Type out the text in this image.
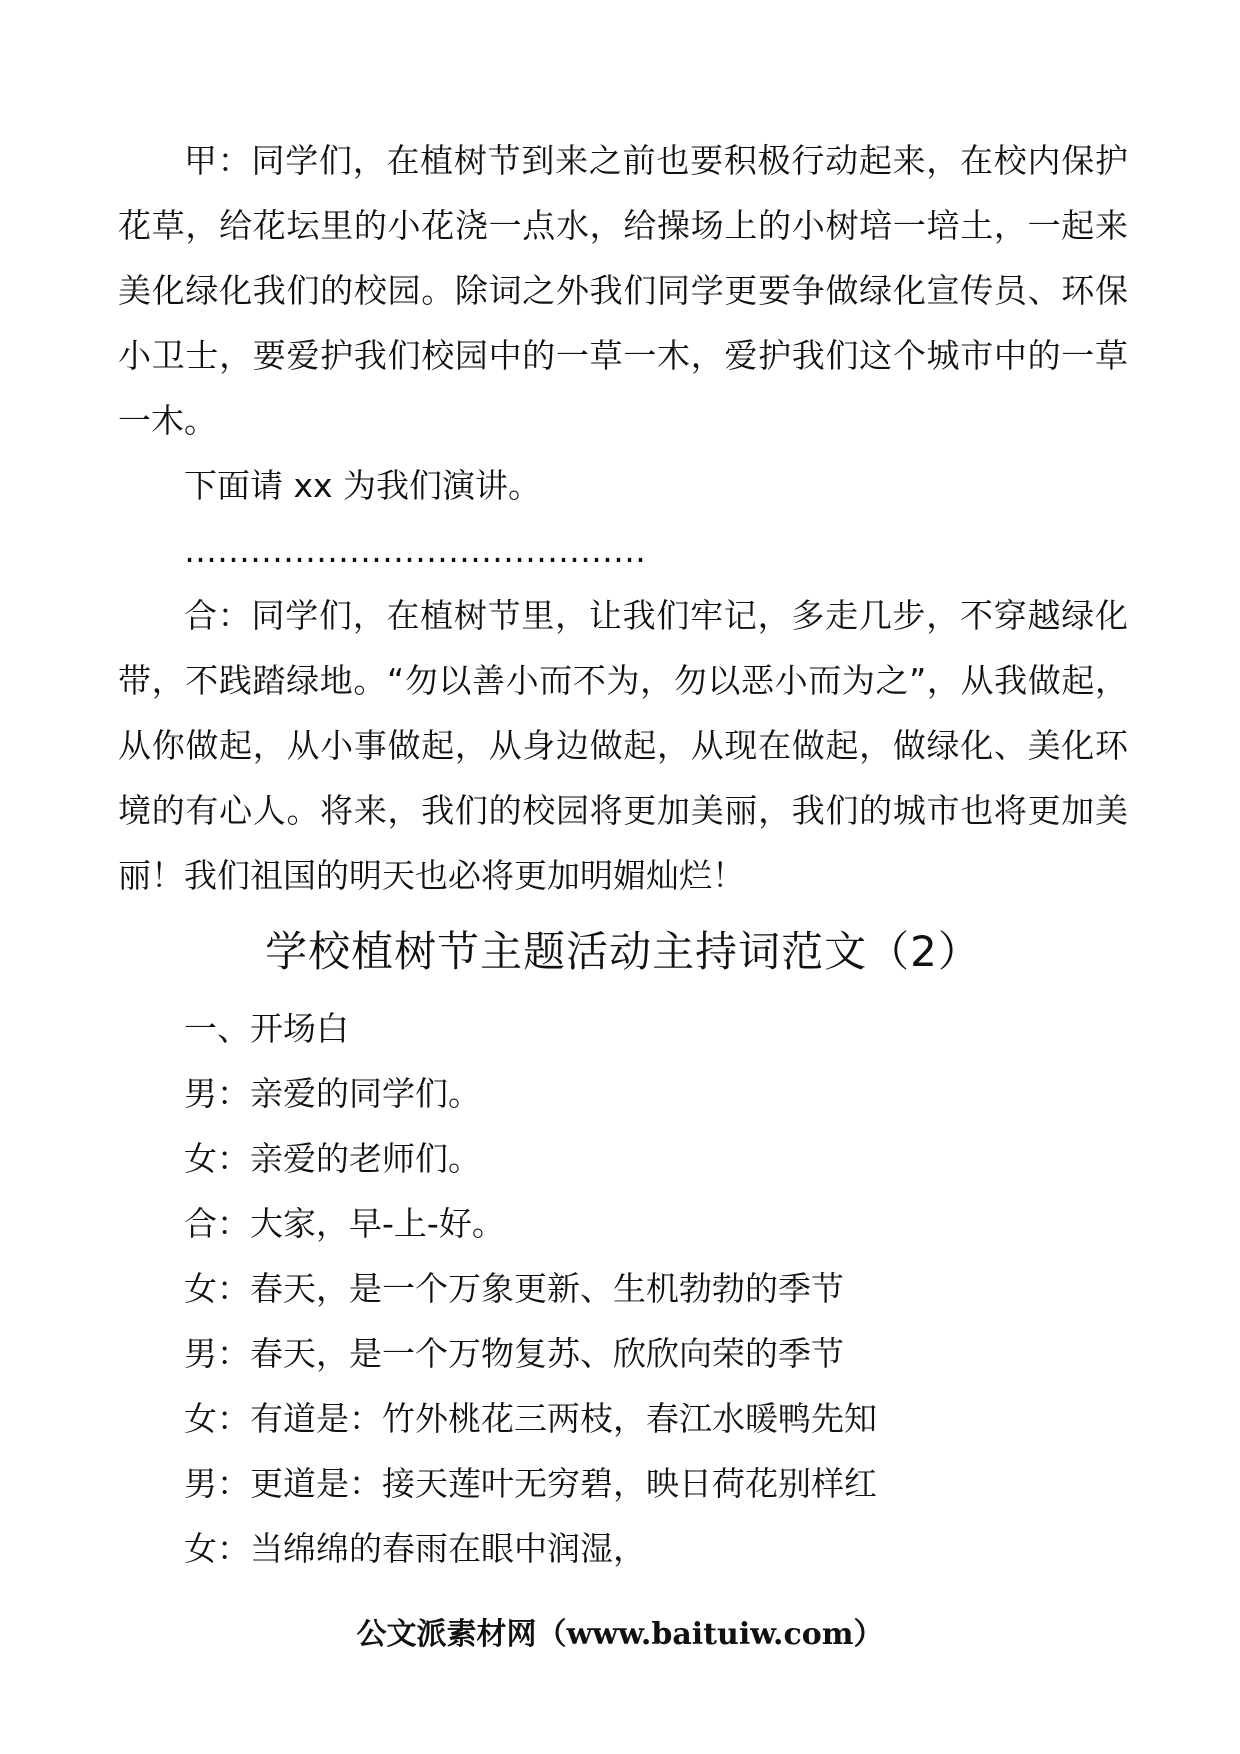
甲：同学们，在植树节到来之前也要积极行动起来，在校内保护花草，给花坛里的小花浇一点水，给操场上的小树培一培土，一起来美化绿化我们的校园。除词之外我们同学更要争做绿化宣传员、环保小卫士，要爱护我们校园中的一草一木，爱护我们这个城市中的一草一木。

下面请 xx 为我们演讲。

……………………………………

合：同学们，在植树节里，让我们牢记，多走几步，不穿越绿化带，不践踏绿地。“勿以善小而不为，勿以恶小而为之”，从我做起，从你做起，从小事做起，从身边做起，从现在做起，做绿化、美化环境的有心人。将来，我们的校园将更加美丽，我们的城市也将更加美丽！我们祖国的明天也必将更加明媚灿烂！

学校植树节主题活动主持词范文（2）

一、开场白

男：亲爱的同学们。

女：亲爱的老师们。

合：大家，早-上-好。

女：春天，是一个万象更新、生机勃勃的季节

男：春天，是一个万物复苏、欣欣向荣的季节

女：有道是：竹外桃花三两枝，春江水暖鸭先知

男：更道是：接天莲叶无穷碧，映日荷花别样红

女：当绵绵的春雨在眼中润湿，

公文派素材网（www.baituiw.com）
